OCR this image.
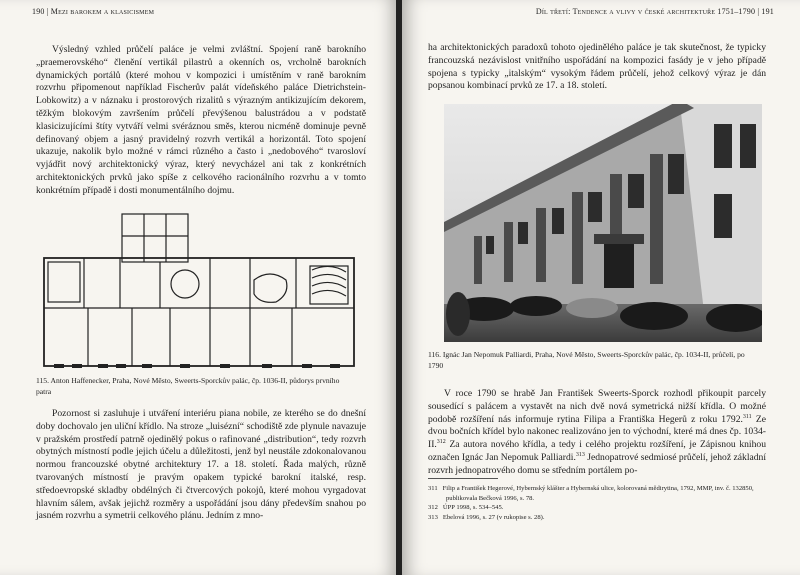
190 | Mezi barokem a klasicismem

Výsledný vzhled průčelí paláce je velmi zvláštní. Spojení raně barokního „praemerovského“ členění vertikál pilastrů a okenních os, vrcholně barokních dynamických portálů (které mohou v kompozici i umístěním v raně barokním rozvrhu připomenout například Fischerův palát vídeňského paláce Dietrichstein-Lobkowitz) a v náznaku i prostorových rizalitů s výrazným antikizujícím dekorem, těžkým blokovým završením průčelí převýšenou balustrádou a v podstatě klasicizujícími štíty vytváří velmi svéráznou směs, kterou nicméně dominuje pevně definovaný objem a jasný pravidelný rozvrh vertikál a horizontál. Toto spojení ukazuje, nakolik bylo možné v rámci různého a často i „nedobového“ tvarosloví vyjádřit nový architektonický výraz, který nevycházel ani tak z konkrétních architektonických prvků jako spíše z celkového racionálního rozvrhu a v tomto konkrétním případě i dosti monumentálního dojmu.

115. Anton Haffenecker, Praha, Nové Město, Sweerts-Sporckův palác, čp. 1036-II, půdorys prvního patra

Pozornost si zasluhuje i utváření interiéru piana nobile, ze kterého se do dnešní doby dochovalo jen uliční křídlo. Na stroze „luisézní“ schodiště zde plynule navazuje v pražském prostředí patrně ojedinělý pokus o rafinované „distribution“, tedy rozvrh obytných místností podle jejich účelu a důležitosti, jenž byl neustále zdokonalovanou normou francouzské obytné architektury 17. a 18. století. Řada malých, různě tvarovaných místností je pravým opakem typické barokní italské, resp. středoevropské skladby obdélných či čtvercových pokojů, které mohou vyrgadovat hlavním sálem, avšak jejichž rozměry a uspořádání jsou dány především snahou po jasném rozvrhu a symetrii celkového plánu. Jedním z mno-

Díl třetí: Tendence a vlivy v české architektuře 1751–1790 | 191

ha architektonických paradoxů tohoto ojedinělého paláce je tak skutečnost, že typicky francouzská nezávislost vnitřního uspořádání na kompozici fasády je v jeho případě spojena s typicky „italským“ vysokým řádem průčelí, jehož celkový výraz je dán popsanou kombinací prvků ze 17. a 18. století.

116. Ignác Jan Nepomuk Palliardi, Praha, Nové Město, Sweerts-Sporckův palác, čp. 1034-II, průčelí, po 1790

V roce 1790 se hrabě Jan František Sweerts-Sporck rozhodl přikoupit parcely sousedící s palácem a vystavět na nich dvě nová symetrická nižší křídla. O možné podobě rozšíření nás informuje rytina Filipa a Františka Hegerů z roku 1792.$^{311}$ Ze dvou bočních křídel bylo nakonec realizováno jen to východní, které má dnes čp. 1034-II.$^{312}$ Za autora nového křídla, a tedy i celého projektu rozšíření, je Zápisnou knihou označen Ignác Jan Nepomuk Palliardi.$^{313}$ Jednopatrové sedmiosé průčelí, jehož základní rozvrh jednopatrového domu se středním portálem po-

311 Filip a František Hegerové, Hybernský klášter a Hybernská ulice, kolorovaná mědirytina, 1792, MMP, inv. č. 132850, publikovala Bečková 1996, s. 78.
312 ÚPP 1998, s. 534–545.
313 Ebelová 1996, s. 27 (v rukopise s. 28).
